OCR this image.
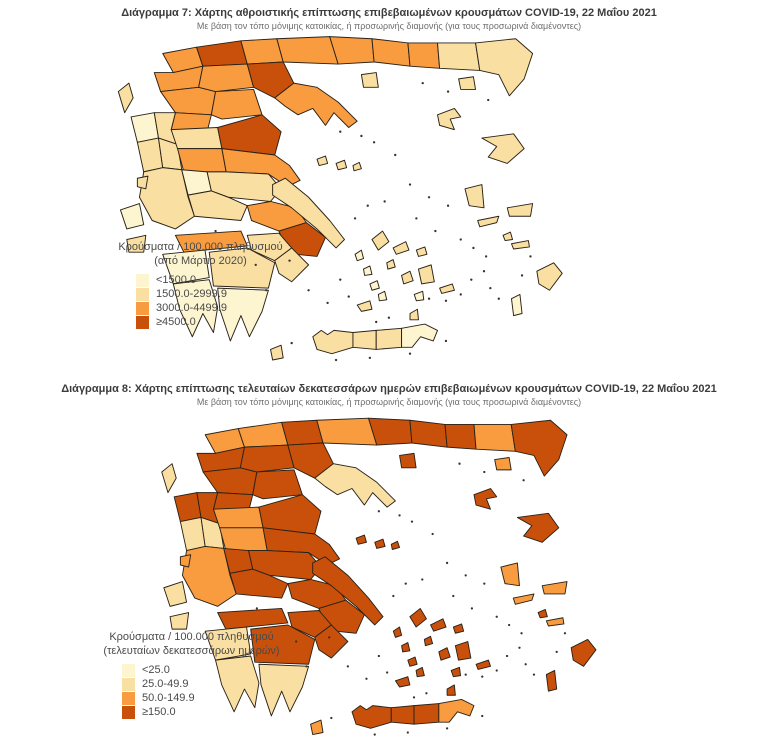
Διάγραμμα 7: Χάρτης αθροιστικής επίπτωσης επιβεβαιωμένων κρουσμάτων COVID-19, 22 Μαΐου 2021

Με βάση τον τόπο μόνιμης κατοικίας, ή προσωρινής διαμονής (για τους προσωρινά διαμένοντες)

Κρούσματα / 100.000 πληθυσμού
(από Μάρτιο 2020)
<1500.0
1500.0-2999.9
3000.0-4499.9
≥4500.0

Διάγραμμα 8: Χάρτης επίπτωσης τελευταίων δεκατεσσάρων ημερών επιβεβαιωμένων κρουσμάτων COVID-19, 22 Μαΐου 2021

Με βάση τον τόπο μόνιμης κατοικίας, ή προσωρινής διαμονής (για τους προσωρινά διαμένοντες)

Κρούσματα / 100.000 πληθυσμού
(τελευταίων δεκατεσσάρων ημερών)
<25.0
25.0-49.9
50.0-149.9
≥150.0
